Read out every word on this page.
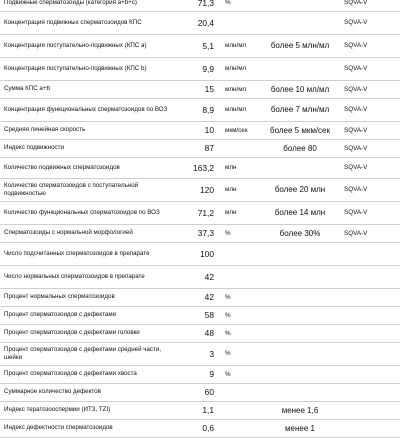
Подвижные сперматозоиды (категория a+b+c)	71,3	%		SQVA-V
Концентрация подвижных сперматозоидов КПС	20,4			SQVA-V
Концентрация поступательно-подвижных (КПС a)	5,1	млн/мл	более 5 млн/мл	SQVA-V
Концентрация поступательно-подвижных (КПС b)	9,9	млн/мл		SQVA-V
Сумма КПС a+b	15	млн/мл	более 10 мл/мл	SQVA-V
Концентрация функциональных сперматозоидов по ВОЗ	8,9	млн/мл	более 7 млн/мл	SQVA-V
Средняя линейная скорость	10	мкм/сек	более 5 мкм/сек	SQVA-V
Индекс подвижности	87		более 80	SQVA-V
Количество подвижных сперматозоидов	163,2	млн		SQVA-V
Количество сперматозоидов с поступательной подвижностью	120	млн	более 20 млн	SQVA-V
Количество функциональных сперматозоидов по ВОЗ	71,2	млн	более 14 млн	SQVA-V
Сперматозоиды с нормальной морфологией	37,3	%	более 30%	SQVA-V
Число подсчитанных сперматозоидов в препарате	100			
Число нормальных сперматозоидов в препарате	42			
Процент нормальных сперматозоидов	42	%		
Процент сперматозоидов с дефектами	58	%		
Процент сперматозоидов с дефектами головки	48	%		
Процент сперматозоидов с дефектами средней части, шейки	3	%		
Процент сперматозоидов с дефектами хвоста	9	%		
Суммарное количество дефектов	60			
Индекс тератозооспермии (ИТЗ, TZI)	1,1		менее 1,6	
Индекс дефектности сперматозоидов	0,6		менее 1	
